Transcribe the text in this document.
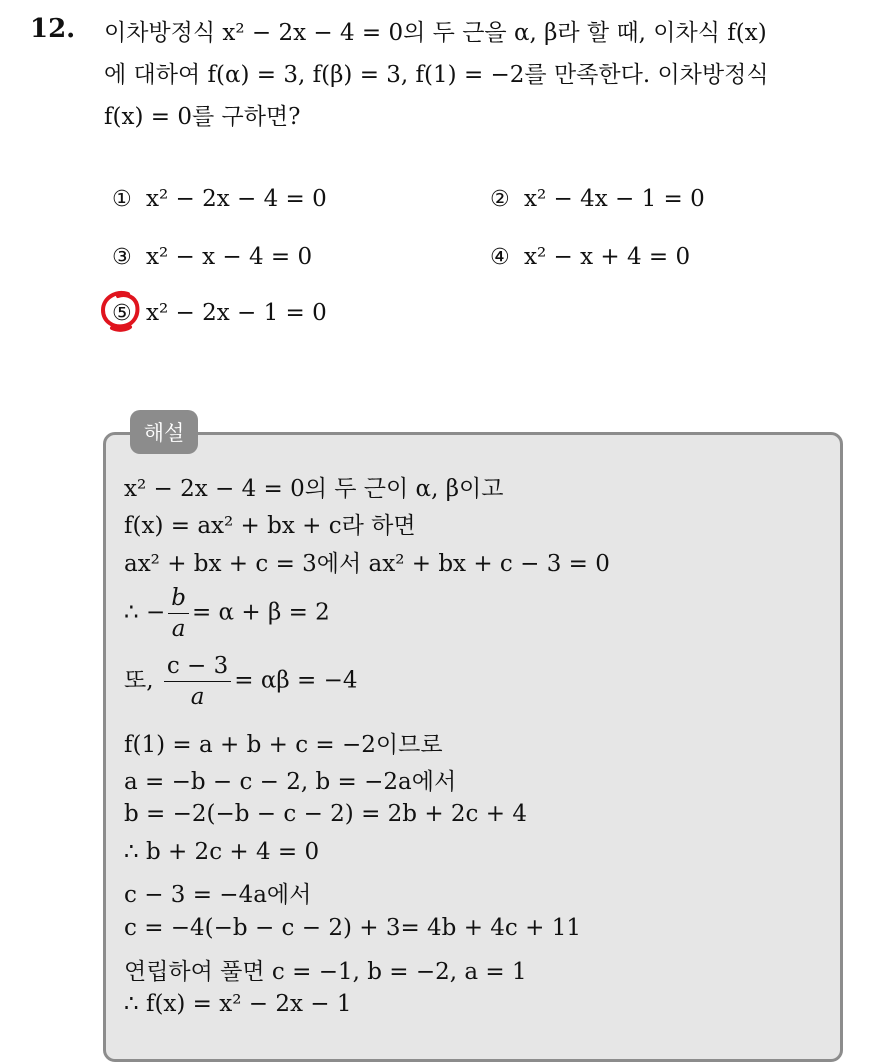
12. 이차방정식 x² − 2x − 4 = 0의 두 근을 α, β라 할 때, 이차식 f(x)
에 대하여 f(α) = 3, f(β) = 3, f(1) = −2를 만족한다. 이차방정식
f(x) = 0를 구하면?
① x² − 2x − 4 = 0	② x² − 4x − 1 = 0
③ x² − x − 4 = 0	④ x² − x + 4 = 0
⑤ x² − 2x − 1 = 0
해설
x² − 2x − 4 = 0의 두 근이 α, β이고
f(x) = ax² + bx + c라 하면
ax² + bx + c = 3에서 ax² + bx + c − 3 = 0
∴ − $\frac{b}{a} = \alpha + \beta = 2$
또, $\frac{c - 3}{a} = \alpha\beta = -4$
f(1) = a + b + c = −2이므로
a = −b − c − 2, b = −2a에서
b = −2(−b − c − 2) = 2b + 2c + 4
∴ b + 2c + 4 = 0
c − 3 = −4a에서
c = −4(−b − c − 2) + 3= 4b + 4c + 11
연립하여 풀면 c = −1, b = −2, a = 1
∴ f(x) = x² − 2x − 1
